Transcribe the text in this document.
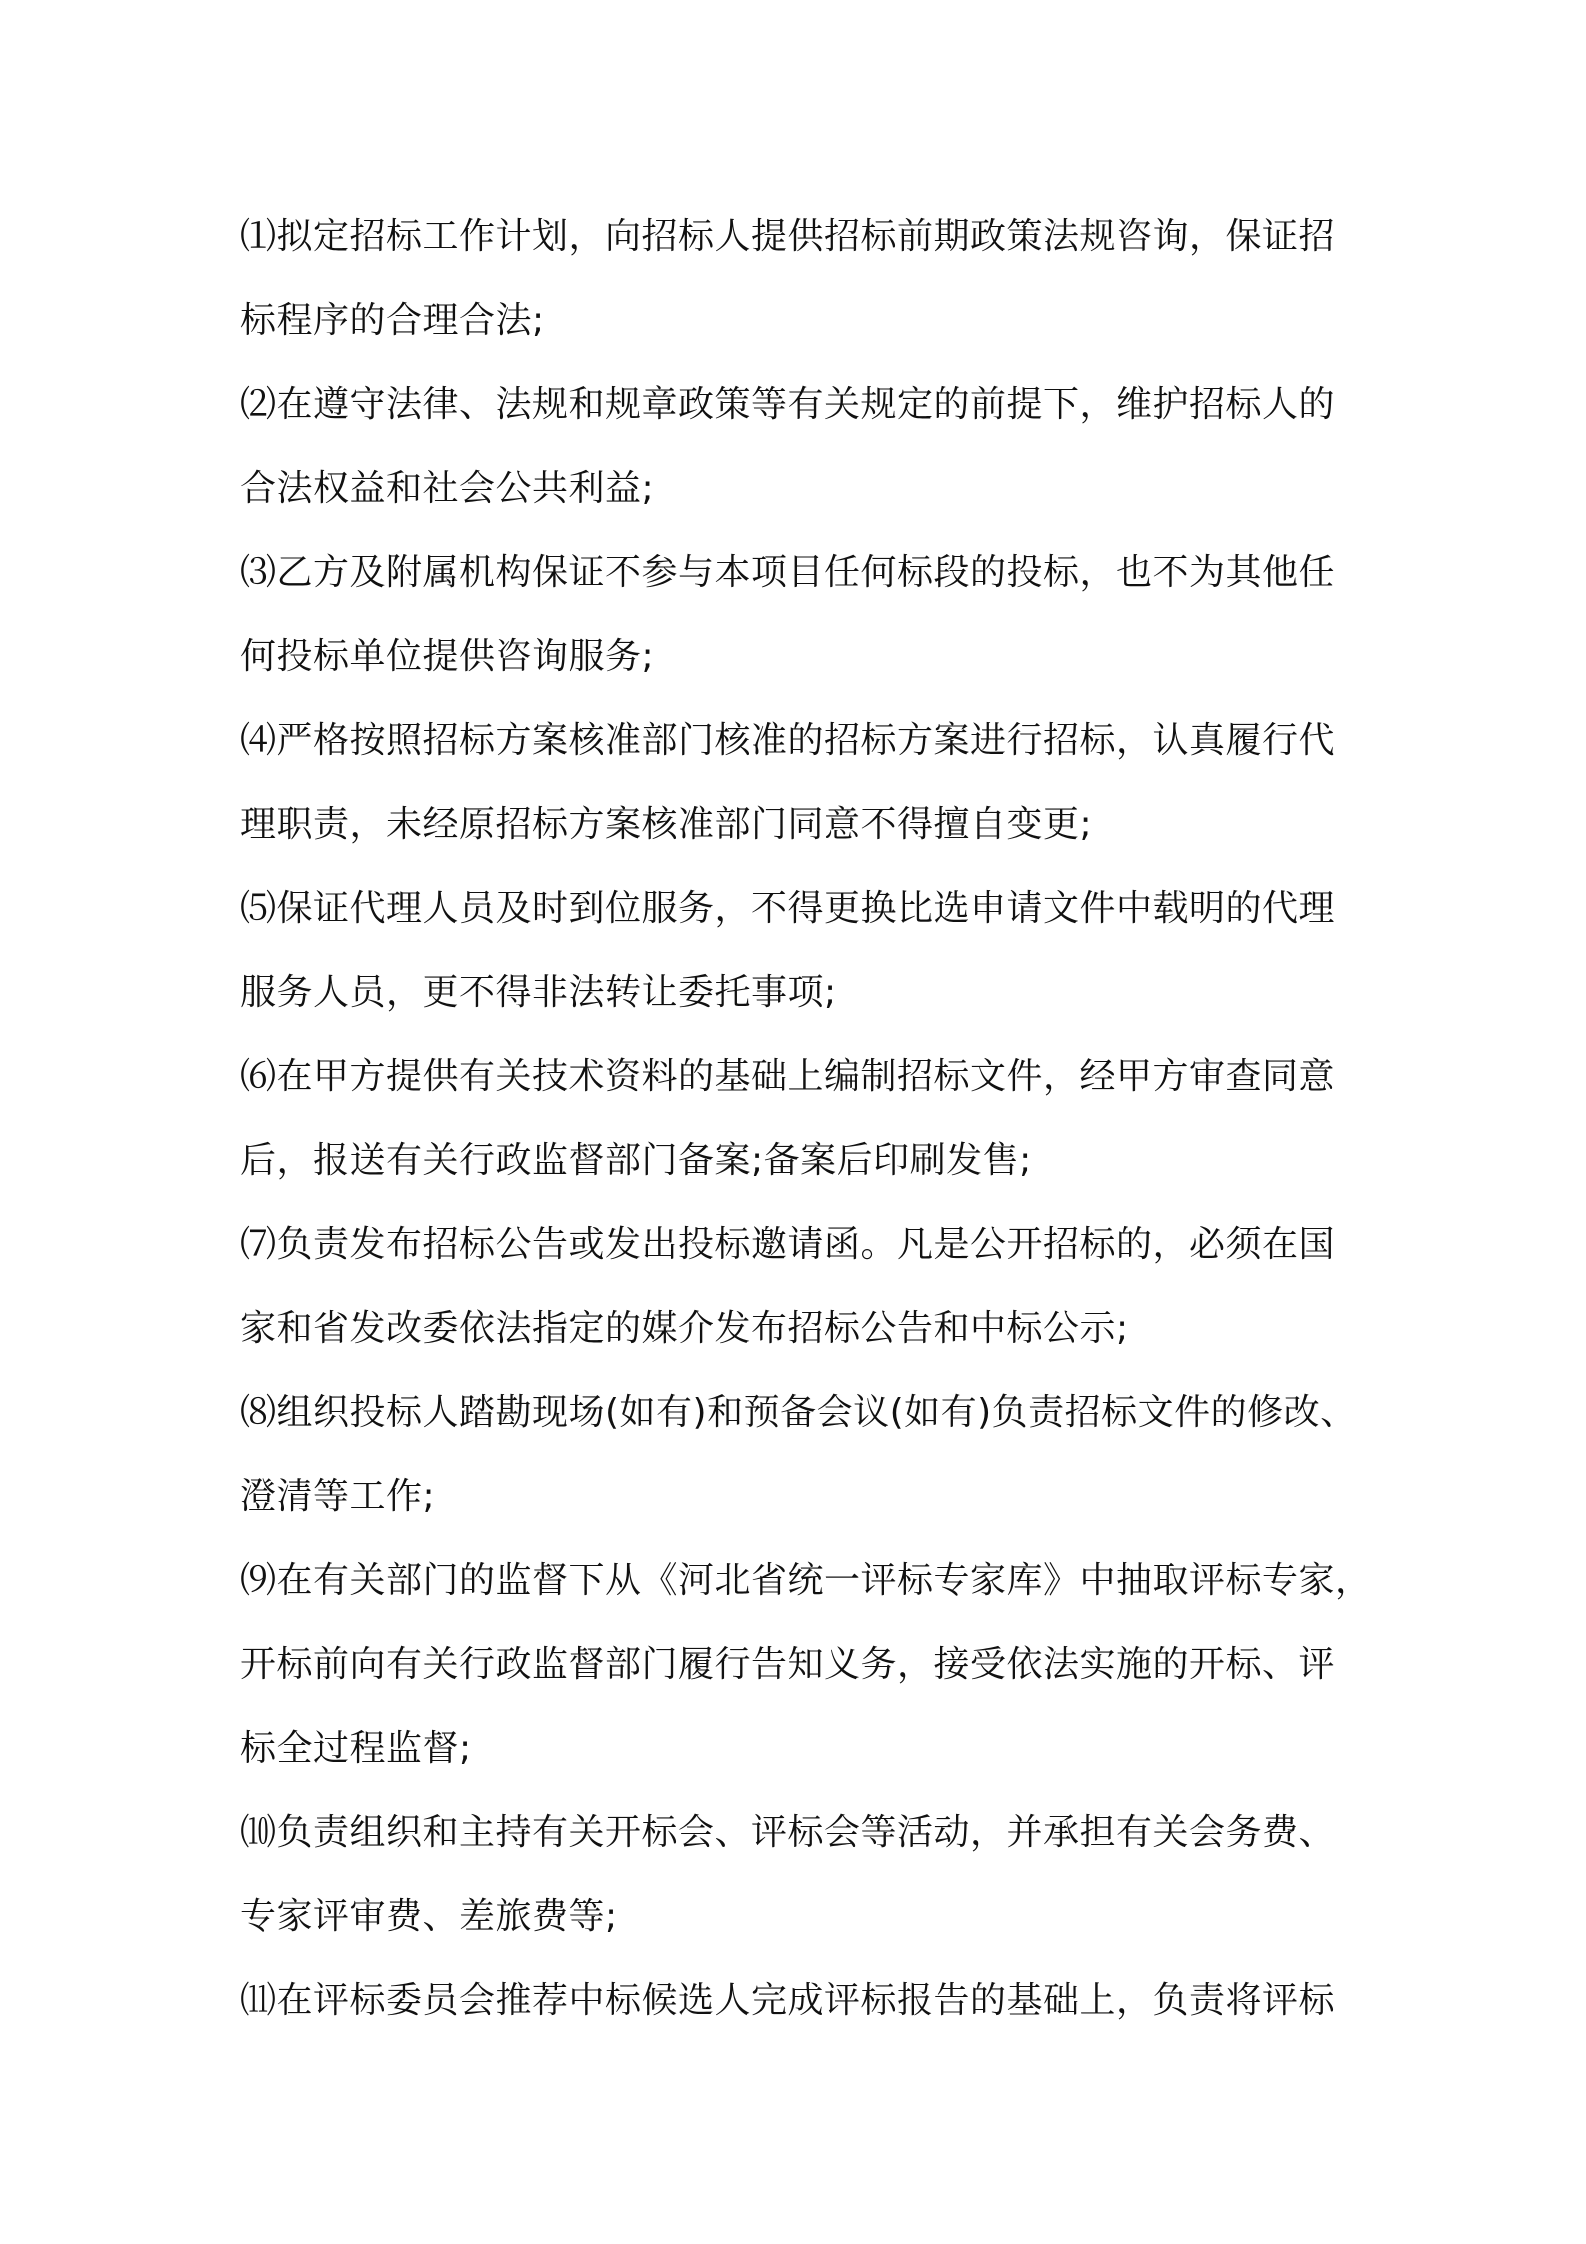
⑴拟定招标工作计划，向招标人提供招标前期政策法规咨询，保证招
标程序的合理合法;
⑵在遵守法律、法规和规章政策等有关规定的前提下，维护招标人的
合法权益和社会公共利益;
⑶乙方及附属机构保证不参与本项目任何标段的投标，也不为其他任
何投标单位提供咨询服务;
⑷严格按照招标方案核准部门核准的招标方案进行招标，认真履行代
理职责，未经原招标方案核准部门同意不得擅自变更;
⑸保证代理人员及时到位服务，不得更换比选申请文件中载明的代理
服务人员，更不得非法转让委托事项;
⑹在甲方提供有关技术资料的基础上编制招标文件，经甲方审查同意
后，报送有关行政监督部门备案;备案后印刷发售;
⑺负责发布招标公告或发出投标邀请函。凡是公开招标的，必须在国
家和省发改委依法指定的媒介发布招标公告和中标公示;
⑻组织投标人踏勘现场(如有)和预备会议(如有)负责招标文件的修改、
澄清等工作;
⑼在有关部门的监督下从《河北省统一评标专家库》中抽取评标专家，
开标前向有关行政监督部门履行告知义务，接受依法实施的开标、评
标全过程监督;
⑽负责组织和主持有关开标会、评标会等活动，并承担有关会务费、
专家评审费、差旅费等;
⑾在评标委员会推荐中标候选人完成评标报告的基础上，负责将评标
